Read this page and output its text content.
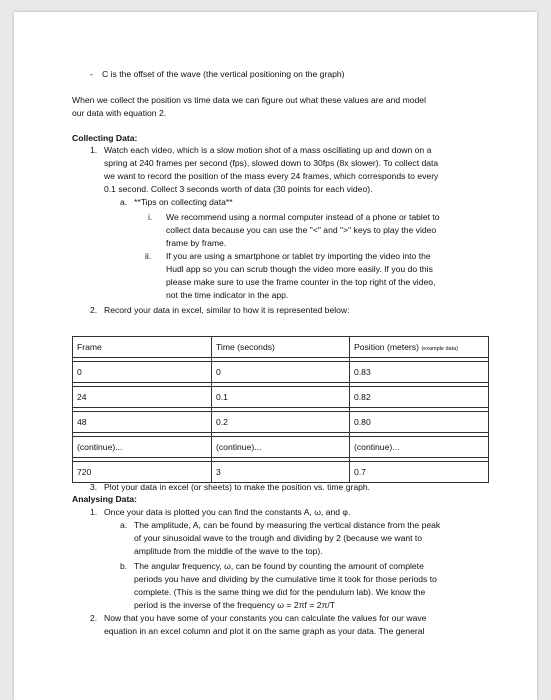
- C is the offset of the wave (the vertical positioning on the graph)
When we collect the position vs time data we can figure out what these values are and model
our data with equation 2.
Collecting Data:
1. Watch each video, which is a slow motion shot of a mass oscillating up and down on a
spring at 240 frames per second (fps), slowed down to 30fps (8x slower). To collect data
we want to record the position of the mass every 24 frames, which corresponds to every
0.1 second. Collect 3 seconds worth of data (30 points for each video).
a. **Tips on collecting data**
i. We recommend using a normal computer instead of a phone or tablet to
collect data because you can use the "<" and ">" keys to play the video
frame by frame.
ii. If you are using a smartphone or tablet try importing the video into the
Hudl app so you can scrub though the video more easily. If you do this
please make sure to use the frame counter in the top right of the video,
not the time indicator in the app.
2. Record your data in excel, similar to how it is represented below:
Frame	Time (seconds)	Position (meters) (example data)

0	0	0.83

24	0.1	0.82

48	0.2	0.80

(continue)...	(continue)...	(continue)...

720	3	0.7
3. Plot your data in excel (or sheets) to make the position vs. time graph.
Analysing Data:
1. Once your data is plotted you can find the constants A, ω, and φ.
a. The amplitude, A, can be found by measuring the vertical distance from the peak
of your sinusoidal wave to the trough and dividing by 2 (because we want to
amplitude from the middle of the wave to the top).
b. The angular frequency, ω, can be found by counting the amount of complete
periods you have and dividing by the cumulative time it took for those periods to
complete. (This is the same thing we did for the pendulum lab). We know the
period is the inverse of the frequency ω = 2πf = 2π/T
2. Now that you have some of your constants you can calculate the values for our wave
equation in an excel column and plot it on the same graph as your data. The general
